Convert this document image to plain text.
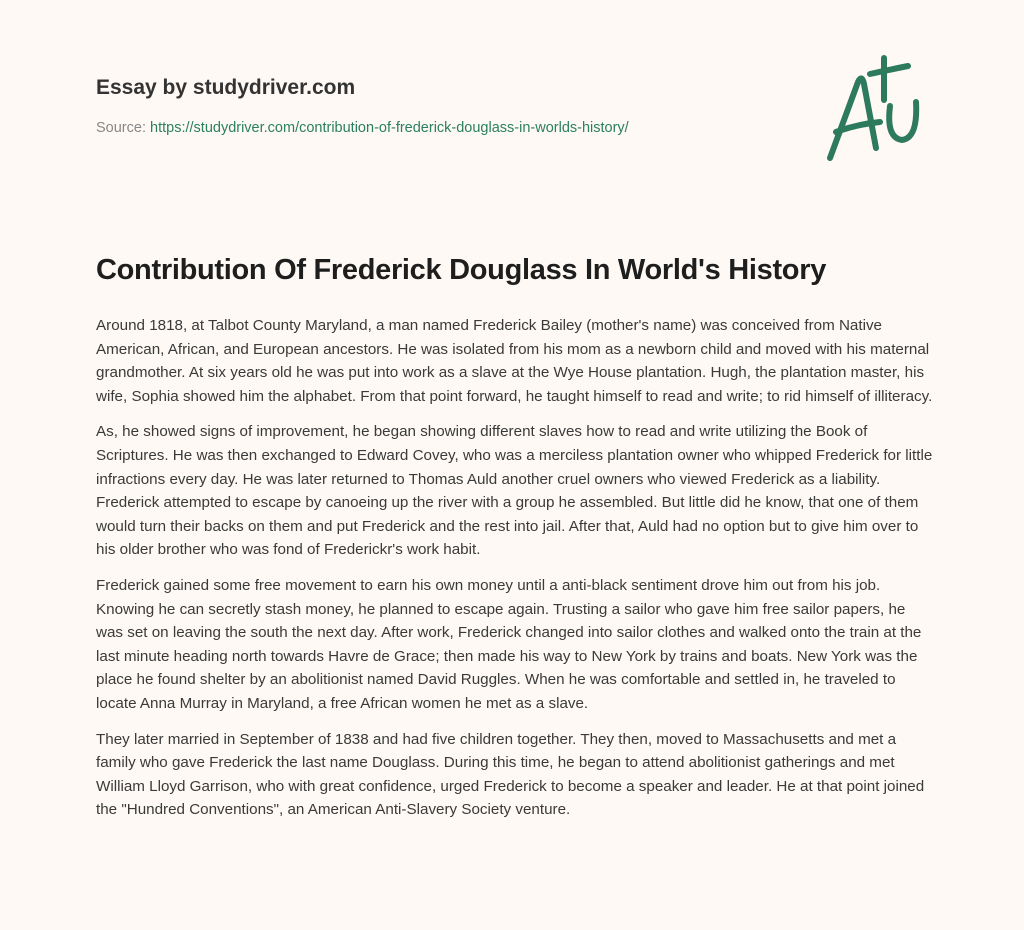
Essay by studydriver.com

Source: https://studydriver.com/contribution-of-frederick-douglass-in-worlds-history/
Contribution Of Frederick Douglass In World's History

Around 1818, at Talbot County Maryland, a man named Frederick Bailey (mother's name) was conceived from Native American, African, and European ancestors. He was isolated from his mom as a newborn child and moved with his maternal grandmother. At six years old he was put into work as a slave at the Wye House plantation. Hugh, the plantation master, his wife, Sophia showed him the alphabet. From that point forward, he taught himself to read and write; to rid himself of illiteracy.

As, he showed signs of improvement, he began showing different slaves how to read and write utilizing the Book of Scriptures. He was then exchanged to Edward Covey, who was a merciless plantation owner who whipped Frederick for little infractions every day. He was later returned to Thomas Auld another cruel owners who viewed Frederick as a liability. Frederick attempted to escape by canoeing up the river with a group he assembled. But little did he know, that one of them would turn their backs on them and put Frederick and the rest into jail. After that, Auld had no option but to give him over to his older brother who was fond of Frederickr's work habit.

Frederick gained some free movement to earn his own money until a anti-black sentiment drove him out from his job. Knowing he can secretly stash money, he planned to escape again. Trusting a sailor who gave him free sailor papers, he was set on leaving the south the next day. After work, Frederick changed into sailor clothes and walked onto the train at the last minute heading north towards Havre de Grace; then made his way to New York by trains and boats. New York was the place he found shelter by an abolitionist named David Ruggles. When he was comfortable and settled in, he traveled to locate Anna Murray in Maryland, a free African women he met as a slave.

They later married in September of 1838 and had five children together. They then, moved to Massachusetts and met a family who gave Frederick the last name Douglass. During this time, he began to attend abolitionist gatherings and met William Lloyd Garrison, who with great confidence, urged Frederick to become a speaker and leader. He at that point joined the "Hundred Conventions", an American Anti-Slavery Society venture.
